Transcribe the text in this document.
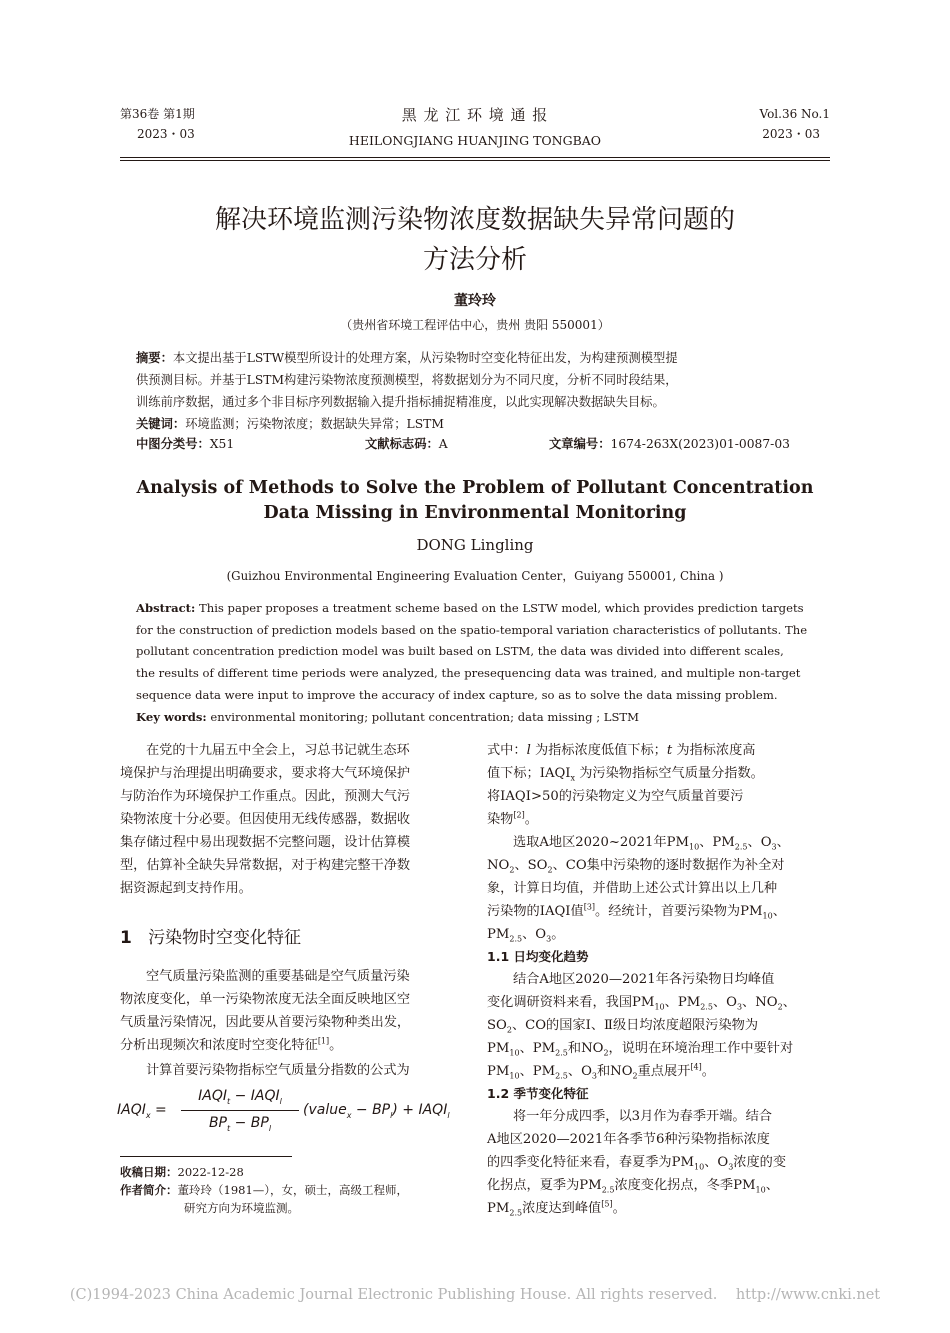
第36卷 第1期
2023・03
黑 龙 江 环 境 通 报
HEILONGJIANG HUANJING TONGBAO
Vol.36 No.1
2023・03
解决环境监测污染物浓度数据缺失异常问题的
方法分析
董玲玲
（贵州省环境工程评估中心，贵州 贵阳 550001）
摘要：本文提出基于LSTW模型所设计的处理方案，从污染物时空变化特征出发，为构建预测模型提
供预测目标。并基于LSTM构建污染物浓度预测模型，将数据划分为不同尺度，分析不同时段结果，
训练前序数据，通过多个非目标序列数据输入提升指标捕捉精准度，以此实现解决数据缺失目标。
关键词：环境监测；污染物浓度；数据缺失异常；LSTM
中图分类号：X51	文献标志码：A	文章编号：1674-263X(2023)01-0087-03
Analysis of Methods to Solve the Problem of Pollutant Concentration
Data Missing in Environmental Monitoring
DONG Lingling
(Guizhou Environmental Engineering Evaluation Center，Guiyang 550001, China )
Abstract: This paper proposes a treatment scheme based on the LSTW model, which provides prediction targets
for the construction of prediction models based on the spatio-temporal variation characteristics of pollutants. The
pollutant concentration prediction model was built based on LSTM, the data was divided into different scales,
the results of different time periods were analyzed, the presequencing data was trained, and multiple non-target
sequence data were input to improve the accuracy of index capture, so as to solve the data missing problem.
Key words: environmental monitoring; pollutant concentration; data missing ; LSTM
在党的十九届五中全会上，习总书记就生态环
境保护与治理提出明确要求，要求将大气环境保护
与防治作为环境保护工作重点。因此，预测大气污
染物浓度十分必要。但因使用无线传感器，数据收
集存储过程中易出现数据不完整问题，设计估算模
型，估算补全缺失异常数据，对于构建完整干净数
据资源起到支持作用。
1 污染物时空变化特征
空气质量污染监测的重要基础是空气质量污染
物浓度变化，单一污染物浓度无法全面反映地区空
气质量污染情况，因此要从首要污染物种类出发，
分析出现频次和浓度时空变化特征[1]。
计算首要污染物指标空气质量分指数的公式为
$IAQI_x$ =
$IAQI_t$ − $IAQI_l$
$BP_t - BP_l$
(value$_x$ − $BP_l$) + $IAQI_l$
收稿日期：2022-12-28
作者简介：董玲玲（1981—），女，硕士，高级工程师，
研究方向为环境监测。
式中：l 为指标浓度低值下标；t 为指标浓度高
值下标；$IAQI_x$ 为污染物指标空气质量分指数。
将IAQI>50的污染物定义为空气质量首要污
染物[2]。
选取A地区2020~2021年$PM_{10}$、$PM_{2.5}$、$O_3$、
$NO_2$、$SO_2$、CO集中污染物的逐时数据作为补全对
象，计算日均值，并借助上述公式计算出以上几种
污染物的IAQI值[3]。经统计，首要污染物为$PM_{10}$、
$PM_{2.5}$、$O_3$。
1.1 日均变化趋势
结合A地区2020—2021年各污染物日均峰值
变化调研资料来看，我国$PM_{10}$、$PM_{2.5}$、$O_3$、$NO_2$、
$SO_2$、CO的国家Ⅰ、Ⅱ级日均浓度超限污染物为
$PM_{10}$、$PM_{2.5}$和$NO_2$，说明在环境治理工作中要针对
$PM_{10}$、$PM_{2.5}$、$O_3$和$NO_2$重点展开[4]。
1.2 季节变化特征
将一年分成四季，以3月作为春季开端。结合
A地区2020—2021年各季节6种污染物指标浓度
的四季变化特征来看，春夏季为$PM_{10}$、$O_3$浓度的变
化拐点，夏季为$PM_{2.5}$浓度变化拐点，冬季$PM_{10}$、
$PM_{2.5}$浓度达到峰值[5]。
(C)1994-2023 China Academic Journal Electronic Publishing House. All rights reserved.    http://www.cnki.net
